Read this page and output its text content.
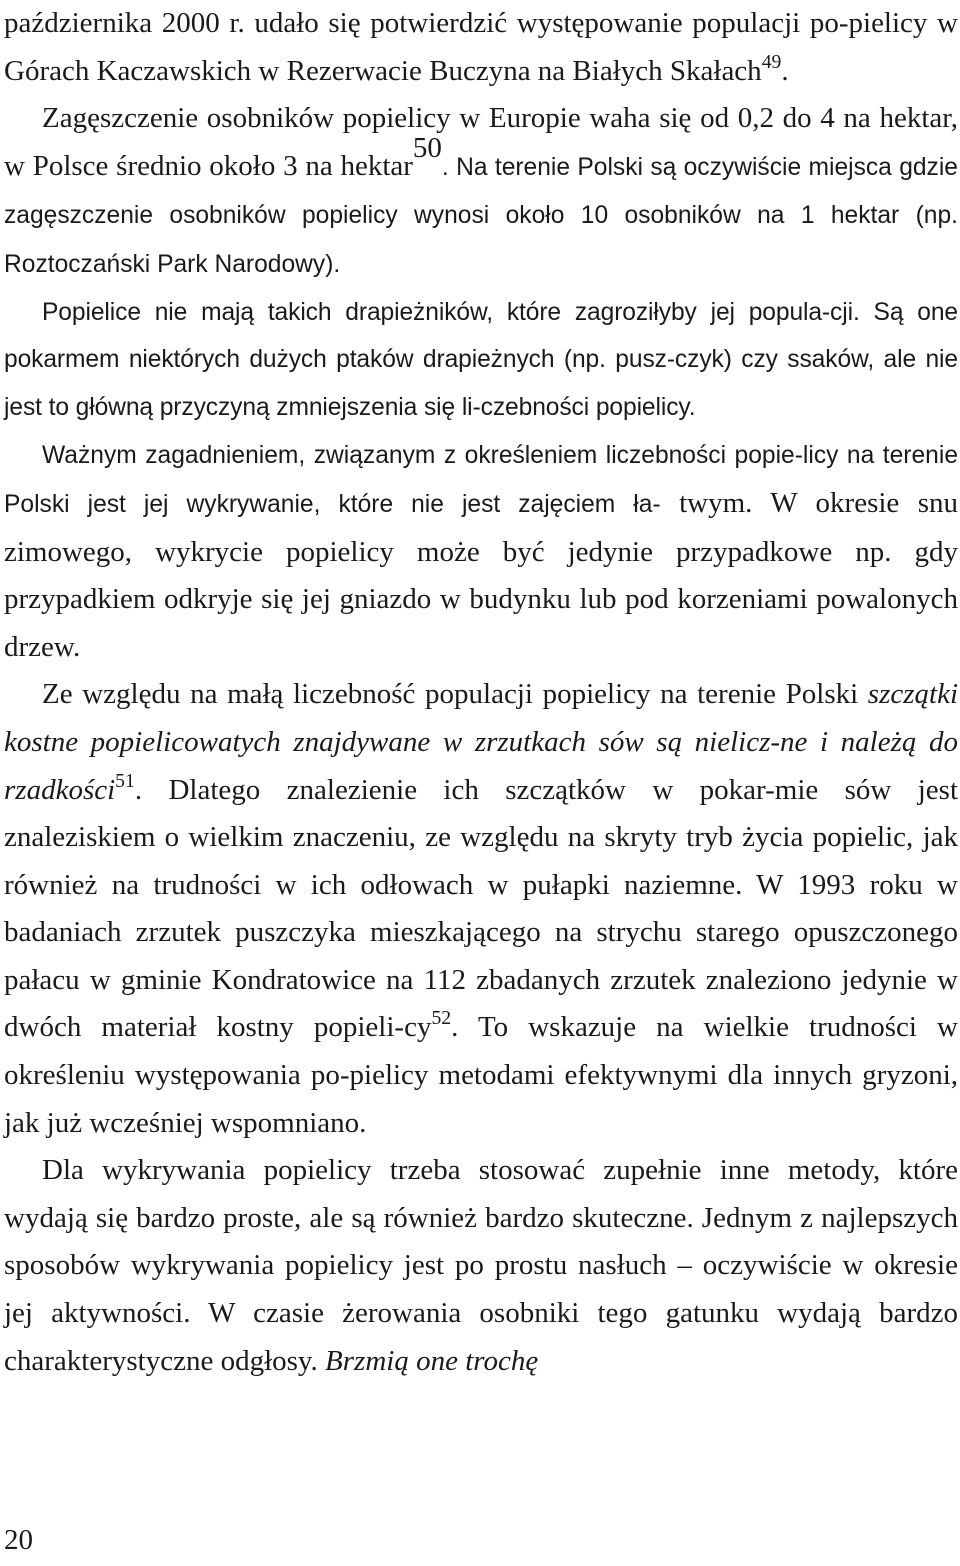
października 2000 r. udało się potwierdzić występowanie populacji po-pielicy w Górach Kaczawskich w Rezerwacie Buczyna na Białych Skałach$^{49}$.

Zagęszczenie osobników popielicy w Europie waha się od 0,2 do 4 na hektar, w Polsce średnio około 3 na hektar$^{50}$. Na terenie Polski są oczywiście miejsca gdzie zagęszczenie osobników popielicy wynosi około 10 osobników na 1 hektar (np. Roztoczański Park Narodowy).

Popielice nie mają takich drapieżników, które zagroziłyby jej popula-cji. Są one pokarmem niektórych dużych ptaków drapieżnych (np. pusz-czyk) czy ssaków, ale nie jest to główną przyczyną zmniejszenia się li-czebności popielicy.

Ważnym zagadnieniem, związanym z określeniem liczebności popie-licy na terenie Polski jest jej wykrywanie, które nie jest zajęciem ła- twym. W okresie snu zimowego, wykrycie popielicy może być jedynie przypadkowe np. gdy przypadkiem odkryje się jej gniazdo w budynku lub pod korzeniami powalonych drzew.

Ze względu na małą liczebność populacji popielicy na terenie Polski szczątki kostne popielicowatych znajdywane w zrzutkach sów są nielicz-ne i należą do rzadkości$^{51}$. Dlatego znalezienie ich szczątków w pokar-mie sów jest znaleziskiem o wielkim znaczeniu, ze względu na skryty tryb życia popielic, jak również na trudności w ich odłowach w pułapki naziemne. W 1993 roku w badaniach zrzutek puszczyka mieszkającego na strychu starego opuszczonego pałacu w gminie Kondratowice na 112 zbadanych zrzutek znaleziono jedynie w dwóch materiał kostny popieli-$cy^{52}$. To wskazuje na wielkie trudności w określeniu występowania po-pielicy metodami efektywnymi dla innych gryzoni, jak już wcześniej wspomniano.

Dla wykrywania popielicy trzeba stosować zupełnie inne metody, które wydają się bardzo proste, ale są również bardzo skuteczne. Jednym z najlepszych sposobów wykrywania popielicy jest po prostu nasłuch – oczywiście w okresie jej aktywności. W czasie żerowania osobniki tego gatunku wydają bardzo charakterystyczne odgłosy. Brzmią one trochę

20
